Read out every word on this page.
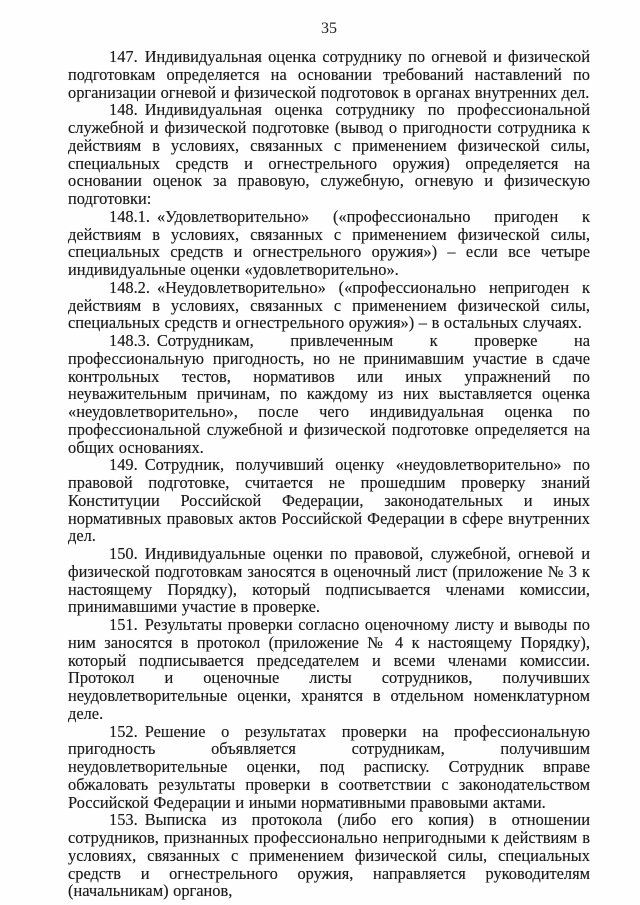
35

147. Индивидуальная оценка сотруднику по огневой и физической подготовкам определяется на основании требований наставлений по организации огневой и физической подготовок в органах внутренних дел.

148. Индивидуальная оценка сотруднику по профессиональной служебной и физической подготовке (вывод о пригодности сотрудника к действиям в условиях, связанных с применением физической силы, специальных средств и огнестрельного оружия) определяется на основании оценок за правовую, служебную, огневую и физическую подготовки:

148.1. «Удовлетворительно» («профессионально пригоден к действиям в условиях, связанных с применением физической силы, специальных средств и огнестрельного оружия») – если все четыре индивидуальные оценки «удовлетворительно».

148.2. «Неудовлетворительно» («профессионально непригоден к действиям в условиях, связанных с применением физической силы, специальных средств и огнестрельного оружия») – в остальных случаях.

148.3. Сотрудникам, привлеченным к проверке на профессиональную пригодность, но не принимавшим участие в сдаче контрольных тестов, нормативов или иных упражнений по неуважительным причинам, по каждому из них выставляется оценка «неудовлетворительно», после чего индивидуальная оценка по профессиональной служебной и физической подготовке определяется на общих основаниях.

149. Сотрудник, получивший оценку «неудовлетворительно» по правовой подготовке, считается не прошедшим проверку знаний Конституции Российской Федерации, законодательных и иных нормативных правовых актов Российской Федерации в сфере внутренних дел.

150. Индивидуальные оценки по правовой, служебной, огневой и физической подготовкам заносятся в оценочный лист (приложение № 3 к настоящему Порядку), который подписывается членами комиссии, принимавшими участие в проверке.

151. Результаты проверки согласно оценочному листу и выводы по ним заносятся в протокол (приложение № 4 к настоящему Порядку), который подписывается председателем и всеми членами комиссии. Протокол и оценочные листы сотрудников, получивших неудовлетворительные оценки, хранятся в отдельном номенклатурном деле.

152. Решение о результатах проверки на профессиональную пригодность объявляется сотрудникам, получившим неудовлетворительные оценки, под расписку. Сотрудник вправе обжаловать результаты проверки в соответствии с законодательством Российской Федерации и иными нормативными правовыми актами.

153. Выписка из протокола (либо его копия) в отношении сотрудников, признанных профессионально непригодными к действиям в условиях, связанных с применением физической силы, специальных средств и огнестрельного оружия, направляется руководителям (начальникам) органов,
